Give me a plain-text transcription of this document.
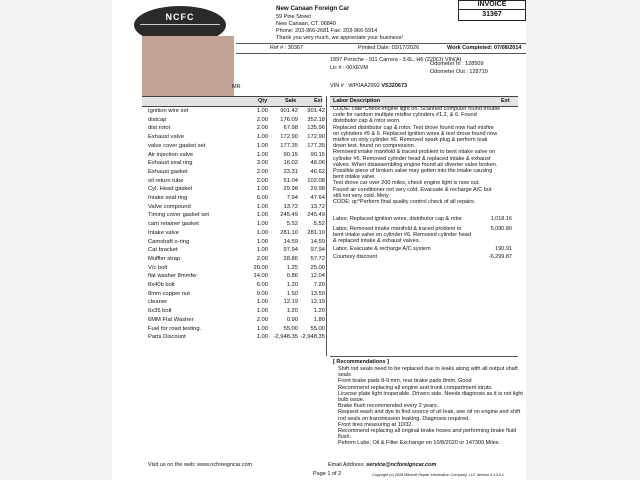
NCFC
New Canaan Foreign Car
59 Pine Street
New Canaan, CT. 06840
Phone: 203-966-2681 Fax: 203-966-5914
Thank you very much, we appreciate your business!
INVOICE
31367
Ref # : 30367	Printed Date: 03/17/2026	Work Completed: 07/08/2014
1997 Porsche - 911 Carrera - 3.6L, H6 (220CI) VIN(A)
Lic # : 00XEVM
Odometer In : 128509
Odometer Out : 128719
MR	VIN # : WP0AA2992 VS320673
Qty	Sale	Ext Labor Description	Ext
Ignition wire set	1.00	901.42	901.42
distcap	2.00	176.09	352.18
dist rotor	2.00	67.98	135.96
Exhaust valve	1.00	172.90	172.90
valve cover gasket set	1.00	177.35	177.35
Air injection valve	1.00	90.15	90.15
Exhaust seal ring	3.00	16.02	48.06
Exhaust gasket	2.00	23.31	46.62
oil return tube	2.00	51.04	102.08
Cyl. Head gasket	1.00	29.98	29.98
Intake seal ring	6.00	7.94	47.64
Valve compound	1.00	13.72	13.72
Timing cover gasket set	1.00	245.49	245.49
cam retainer gasket	1.00	5.52	5.52
Intake valve	1.00	281.10	281.10
Camshaft o-ring	1.00	14.59	14.59
Cat bracket	1.00	97.94	97.94
Muffler strap	2.00	28.86	57.72
V/c bolt	20.00	1.25	25.00
flat washer 8mmfw	14.00	0.86	12.04
8x40b bolt	6.00	1.20	7.20
8mm copper nut	9.00	1.50	13.50
cleaner	1.00	12.19	12.19
6x35 bolt	1.00	1.20	1.20
6MM Flat Washer	2.00	0.90	1.80
Fuel for road testing.	1.00	55.00	55.00
Parts Discount	1.00 -2,948.35 -2,948.35
CODE: cate*Check engine light on. Scanned computer found trouble
code for random multiple misfire cylinders #1,2, & 6. Found
distributor cap & rotor worn.
Replaced distributor cap & rotor. Test drove found now had misfire
on cylinders #5 & 6. Replaced ignition wires & test drove found now
misfire on only cylinder #6. Removed spark plug & perform leak
down test, found no compression.
Removed intake manifold & traced problem to bent intake valve on
cylinder #6. Removed cylinder head & replaced intake & exhaust
valves. When disassembling engine found air diverter valve broken.
Possible piece of broken valve may gotten into the intake causing
bent intake valve.
Test drove car over 200 miles, check engine light is now out.
Found air conditioner not very cold. Evacuate & recharge A/C but
still not very cold. Mety
CODE: qc*Perform final quality control check of all repairs.
Labor, Replaced ignition wires, distributor cap & rotor	1,018.16
Labor, Removed intake manifold & traced problem to bent intake valve on cylinder #6. Removed cylinder head & replaced intake & exhaust valves.
5,090.80
Labor, Evacuate & recharge A/C system	190.91
Courtesy discount	-6,299.87
[ Recommendations ]
Shift rod seals need to be replaced due to leaks along with all output shaft seals
Front brake pads 8-9 mm, rear brake pads 8mm. Good
Recommend replacing all engine and trunk compartment struts.
License plate light inoperable. Drivers side. Needs diagnosis as it is not light bulb issue.
Brake flush recommended every 2 years.
Request wash and dye to find source of oil leak, see oil on engine and shift rod seals on transmission leaking. Diagnosis required.
Front tires measuring at 10/32.
Recommend replacing all original brake hoses and performing brake fluid flush.
Peform Lube, Oil & Filter Exchange on 10/8/2020 or 147300 Miles.
Visit us on the web: www.ncforeigncar.com	Email Address: service@ncforeigncar.com
Page 1 of 2	Copyright (c) 2026 Mitchell Repair Information Company, LLC Version 5.13.0.1
